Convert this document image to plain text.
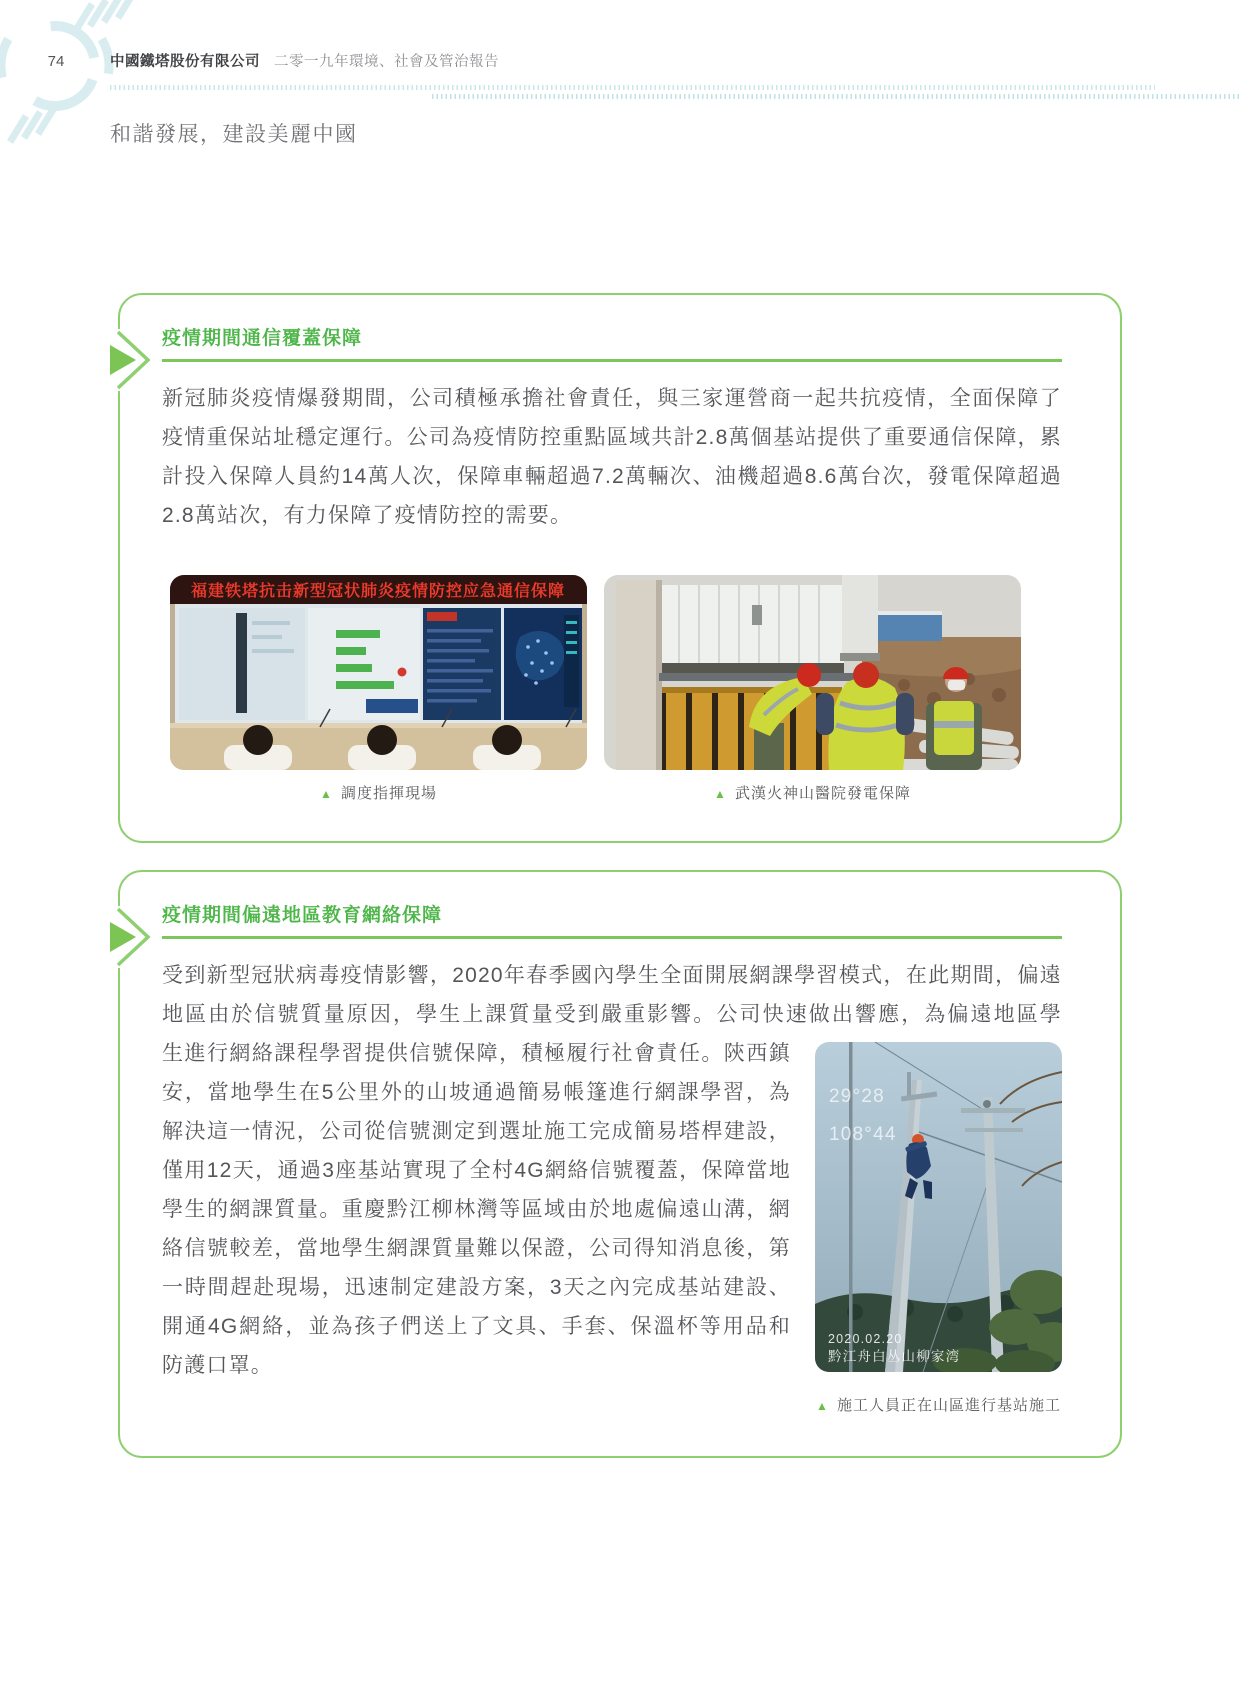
74	中國鐵塔股份有限公司 二零一九年環境、社會及管治報告
和諧發展，建設美麗中國
疫情期間通信覆蓋保障

新冠肺炎疫情爆發期間，公司積極承擔社會責任，與三家運營商一起共抗疫情，全面保障了疫情重保站址穩定運行。公司為疫情防控重點區域共計2.8萬個基站提供了重要通信保障，累計投入保障人員約14萬人次，保障車輛超過7.2萬輛次、油機超過8.6萬台次，發電保障超過2.8萬站次，有力保障了疫情防控的需要。

福建铁塔抗击新型冠状肺炎疫情防控应急通信保障
▲ 調度指揮現場	▲ 武漢火神山醫院發電保障
疫情期間偏遠地區教育網絡保障

受到新型冠狀病毒疫情影響，2020年春季國內學生全面開展網課學習模式，在此期間，偏遠地區由於信號質量原因，學生上課質量受到嚴重影響。公司快速做出響應，為偏遠地區學

29°28
108°44
2020.02.20
黔江舟白丛山柳家湾
▲ 施工人員正在山區進行基站施工

生進行網絡課程學習提供信號保障，積極履行社會責任。陝西鎮安，當地學生在5公里外的山坡通過簡易帳篷進行網課學習，為解決這一情況，公司從信號測定到選址施工完成簡易塔桿建設，僅用12天，通過3座基站實現了全村4G網絡信號覆蓋，保障當地學生的網課質量。重慶黔江柳林灣等區域由於地處偏遠山溝，網絡信號較差，當地學生網課質量難以保證，公司得知消息後，第一時間趕赴現場，迅速制定建設方案，3天之內完成基站建設、開通4G網絡，並為孩子們送上了文具、手套、保溫杯等用品和防護口罩。
